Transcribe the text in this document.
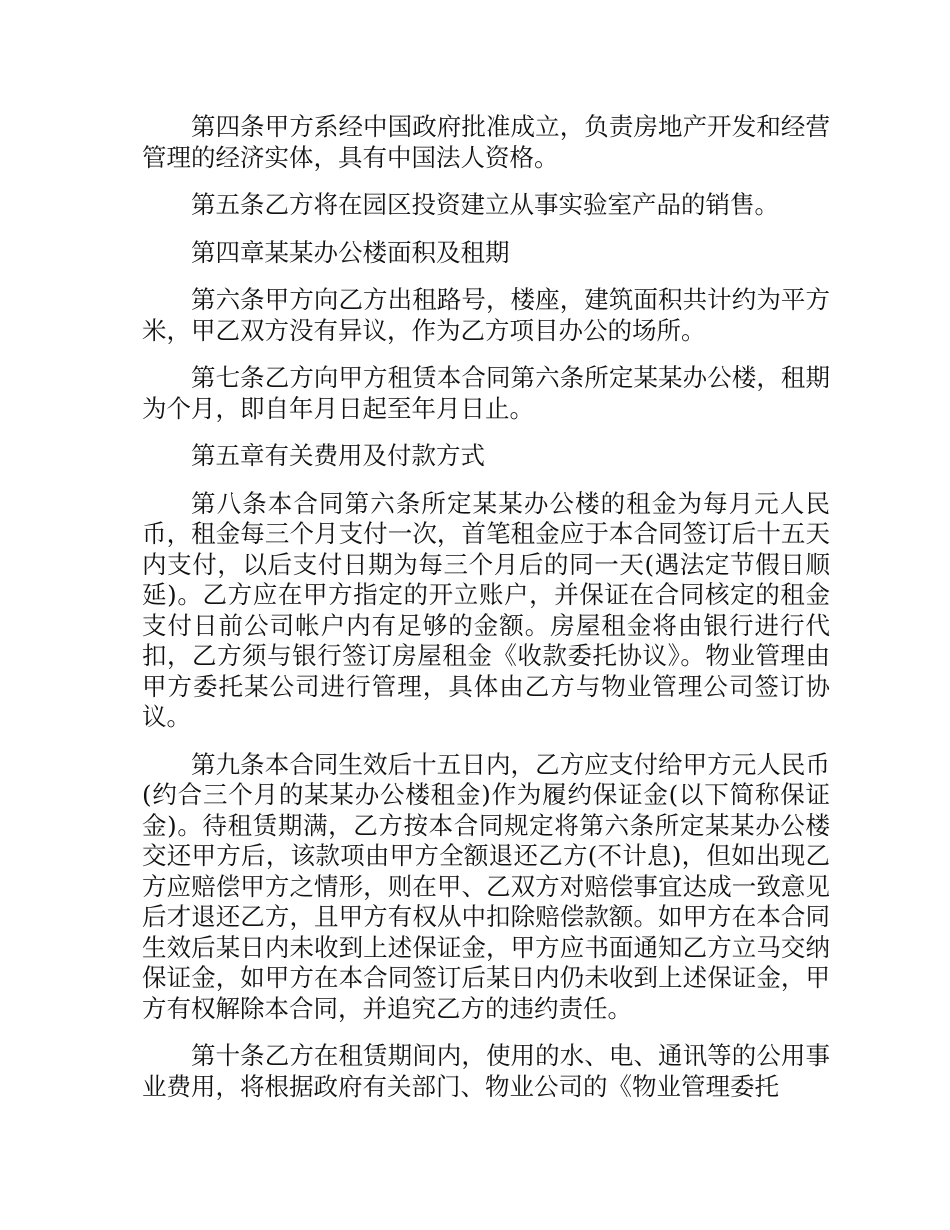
第四条甲方系经中国政府批准成立，负责房地产开发和经营管理的经济实体，具有中国法人资格。

第五条乙方将在园区投资建立从事实验室产品的销售。

第四章某某办公楼面积及租期

第六条甲方向乙方出租路号，楼座，建筑面积共计约为平方米，甲乙双方没有异议，作为乙方项目办公的场所。

第七条乙方向甲方租赁本合同第六条所定某某办公楼，租期为个月，即自年月日起至年月日止。

第五章有关费用及付款方式

第八条本合同第六条所定某某办公楼的租金为每月元人民币，租金每三个月支付一次，首笔租金应于本合同签订后十五天内支付，以后支付日期为每三个月后的同一天(遇法定节假日顺延)。乙方应在甲方指定的开立账户，并保证在合同核定的租金支付日前公司帐户内有足够的金额。房屋租金将由银行进行代扣，乙方须与银行签订房屋租金《收款委托协议》。物业管理由甲方委托某公司进行管理，具体由乙方与物业管理公司签订协议。

第九条本合同生效后十五日内，乙方应支付给甲方元人民币(约合三个月的某某办公楼租金)作为履约保证金(以下简称保证金)。待租赁期满，乙方按本合同规定将第六条所定某某办公楼交还甲方后，该款项由甲方全额退还乙方(不计息)，但如出现乙方应赔偿甲方之情形，则在甲、乙双方对赔偿事宜达成一致意见后才退还乙方，且甲方有权从中扣除赔偿款额。如甲方在本合同生效后某日内未收到上述保证金，甲方应书面通知乙方立马交纳保证金，如甲方在本合同签订后某日内仍未收到上述保证金，甲方有权解除本合同，并追究乙方的违约责任。

第十条乙方在租赁期间内，使用的水、电、通讯等的公用事业费用，将根据政府有关部门、物业公司的《物业管理委托
